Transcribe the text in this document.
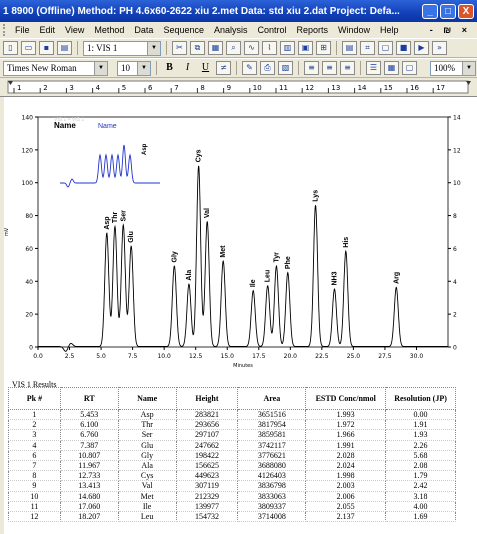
1 8900 (Offline) Method: PH 4.6x60-2622 xiu 2.met Data: std xiu 2.dat Project: Defa...	_	□	X
File	Edit	View	Method	Data	Sequence	Analysis	Control	Reports	Window	Help	- ₪ ×
▯	▭	▪	▤	1: VIS 1 ▼	✂	⧉	▦	⌕	∿	⌇	▥	▣	⊞	▤	⌗	▢	■	▶	»
Times New Roman ▼	10 ▼	B	I	U	≠	✎	⎙	▧	≡	≡	≡	☰	▦	▢	100% ▼
1	2	3	4	5	6	7	8	9	10 11 12 13 14 15 16 17
0
20
40
60
80
100
120
140
0
2
4
6
8
10
12
14
0.0	2.5	5.0	7.5	10.0	12.5	15.0	17.5	20.0	22.5	25.0	27.5	30.0
Minutes
mV
Name	Name
VIS 1 + VIS 1
Asp Thr Ser
Glu
Gly
Ala
Cys
Val
Met
Ile
Leu
Tyr Phe
Lys
NH3
His
Arg
Asp
VIS 1 Results
Pk #	RT	Name	Height	Area	ESTD Conc/nmol	Resolution (JP)
1	5.453	Asp	283821	3651516	1.993	0.00
2	6.100	Thr	293656	3817954	1.972	1.91
3	6.760	Ser	297107	3859581	1.966	1.93
4	7.387	Glu	247662	3742117	1.991	2.26
6	10.807	Gly	198422	3776621	2.028	5.68
7	11.967	Ala	156625	3688080	2.024	2.08
8	12.733	Cys	449623	4126403	1.998	1.79
9	13.413	Val	307119	3836798	2.003	2.42
10	14.680	Met	212329	3833063	2.006	3.18
11	17.060	Ile	139977	3809337	2.055	4.00
12	18.207	Leu	154732	3714008	2.137	1.69
